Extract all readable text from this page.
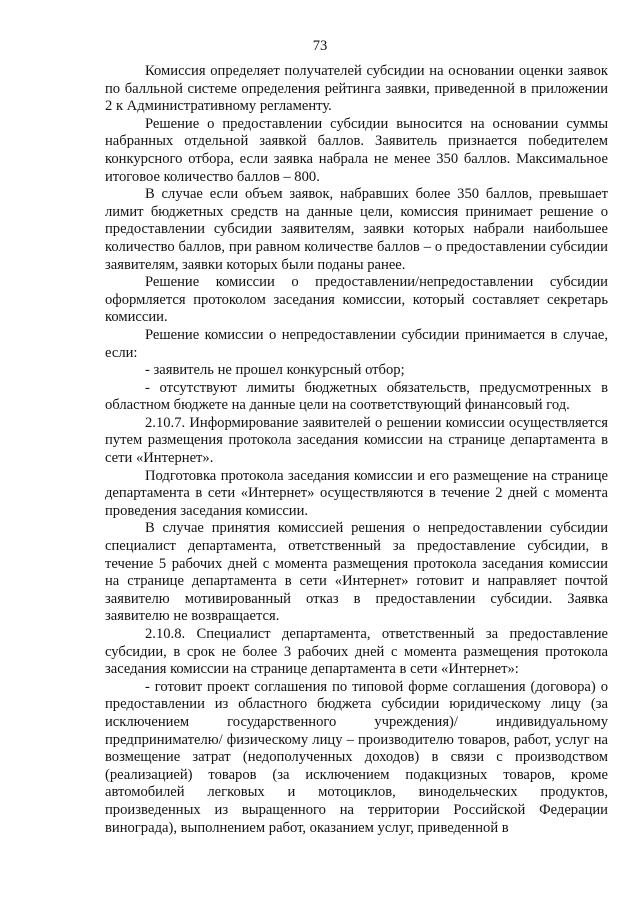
73

Комиссия определяет получателей субсидии на основании оценки заявок по балльной системе определения рейтинга заявки, приведенной в приложении 2 к Административному регламенту.

Решение о предоставлении субсидии выносится на основании суммы набранных отдельной заявкой баллов. Заявитель признается победителем конкурсного отбора, если заявка набрала не менее 350 баллов. Максимальное итоговое количество баллов – 800.

В случае если объем заявок, набравших более 350 баллов, превышает лимит бюджетных средств на данные цели, комиссия принимает решение о предоставлении субсидии заявителям, заявки которых набрали наибольшее количество баллов, при равном количестве баллов – о предоставлении субсидии заявителям, заявки которых были поданы ранее.

Решение комиссии о предоставлении/непредоставлении субсидии оформляется протоколом заседания комиссии, который составляет секретарь комиссии.

Решение комиссии о непредоставлении субсидии принимается в случае, если:

- заявитель не прошел конкурсный отбор;

- отсутствуют лимиты бюджетных обязательств, предусмотренных в областном бюджете на данные цели на соответствующий финансовый год.

2.10.7. Информирование заявителей о решении комиссии осуществляется путем размещения протокола заседания комиссии на странице департамента в сети «Интернет».

Подготовка протокола заседания комиссии и его размещение на странице департамента в сети «Интернет» осуществляются в течение 2 дней с момента проведения заседания комиссии.

В случае принятия комиссией решения о непредоставлении субсидии специалист департамента, ответственный за предоставление субсидии, в течение 5 рабочих дней с момента размещения протокола заседания комиссии на странице департамента в сети «Интернет» готовит и направляет почтой заявителю мотивированный отказ в предоставлении субсидии. Заявка заявителю не возвращается.

2.10.8. Специалист департамента, ответственный за предоставление субсидии, в срок не более 3 рабочих дней с момента размещения протокола заседания комиссии на странице департамента в сети «Интернет»:

- готовит проект соглашения по типовой форме соглашения (договора) о предоставлении из областного бюджета субсидии юридическому лицу (за исключением государственного учреждения)/ индивидуальному предпринимателю/ физическому лицу – производителю товаров, работ, услуг на возмещение затрат (недополученных доходов) в связи с производством (реализацией) товаров (за исключением подакцизных товаров, кроме автомобилей легковых и мотоциклов, винодельческих продуктов, произведенных из выращенного на территории Российской Федерации винограда), выполнением работ, оказанием услуг, приведенной в
